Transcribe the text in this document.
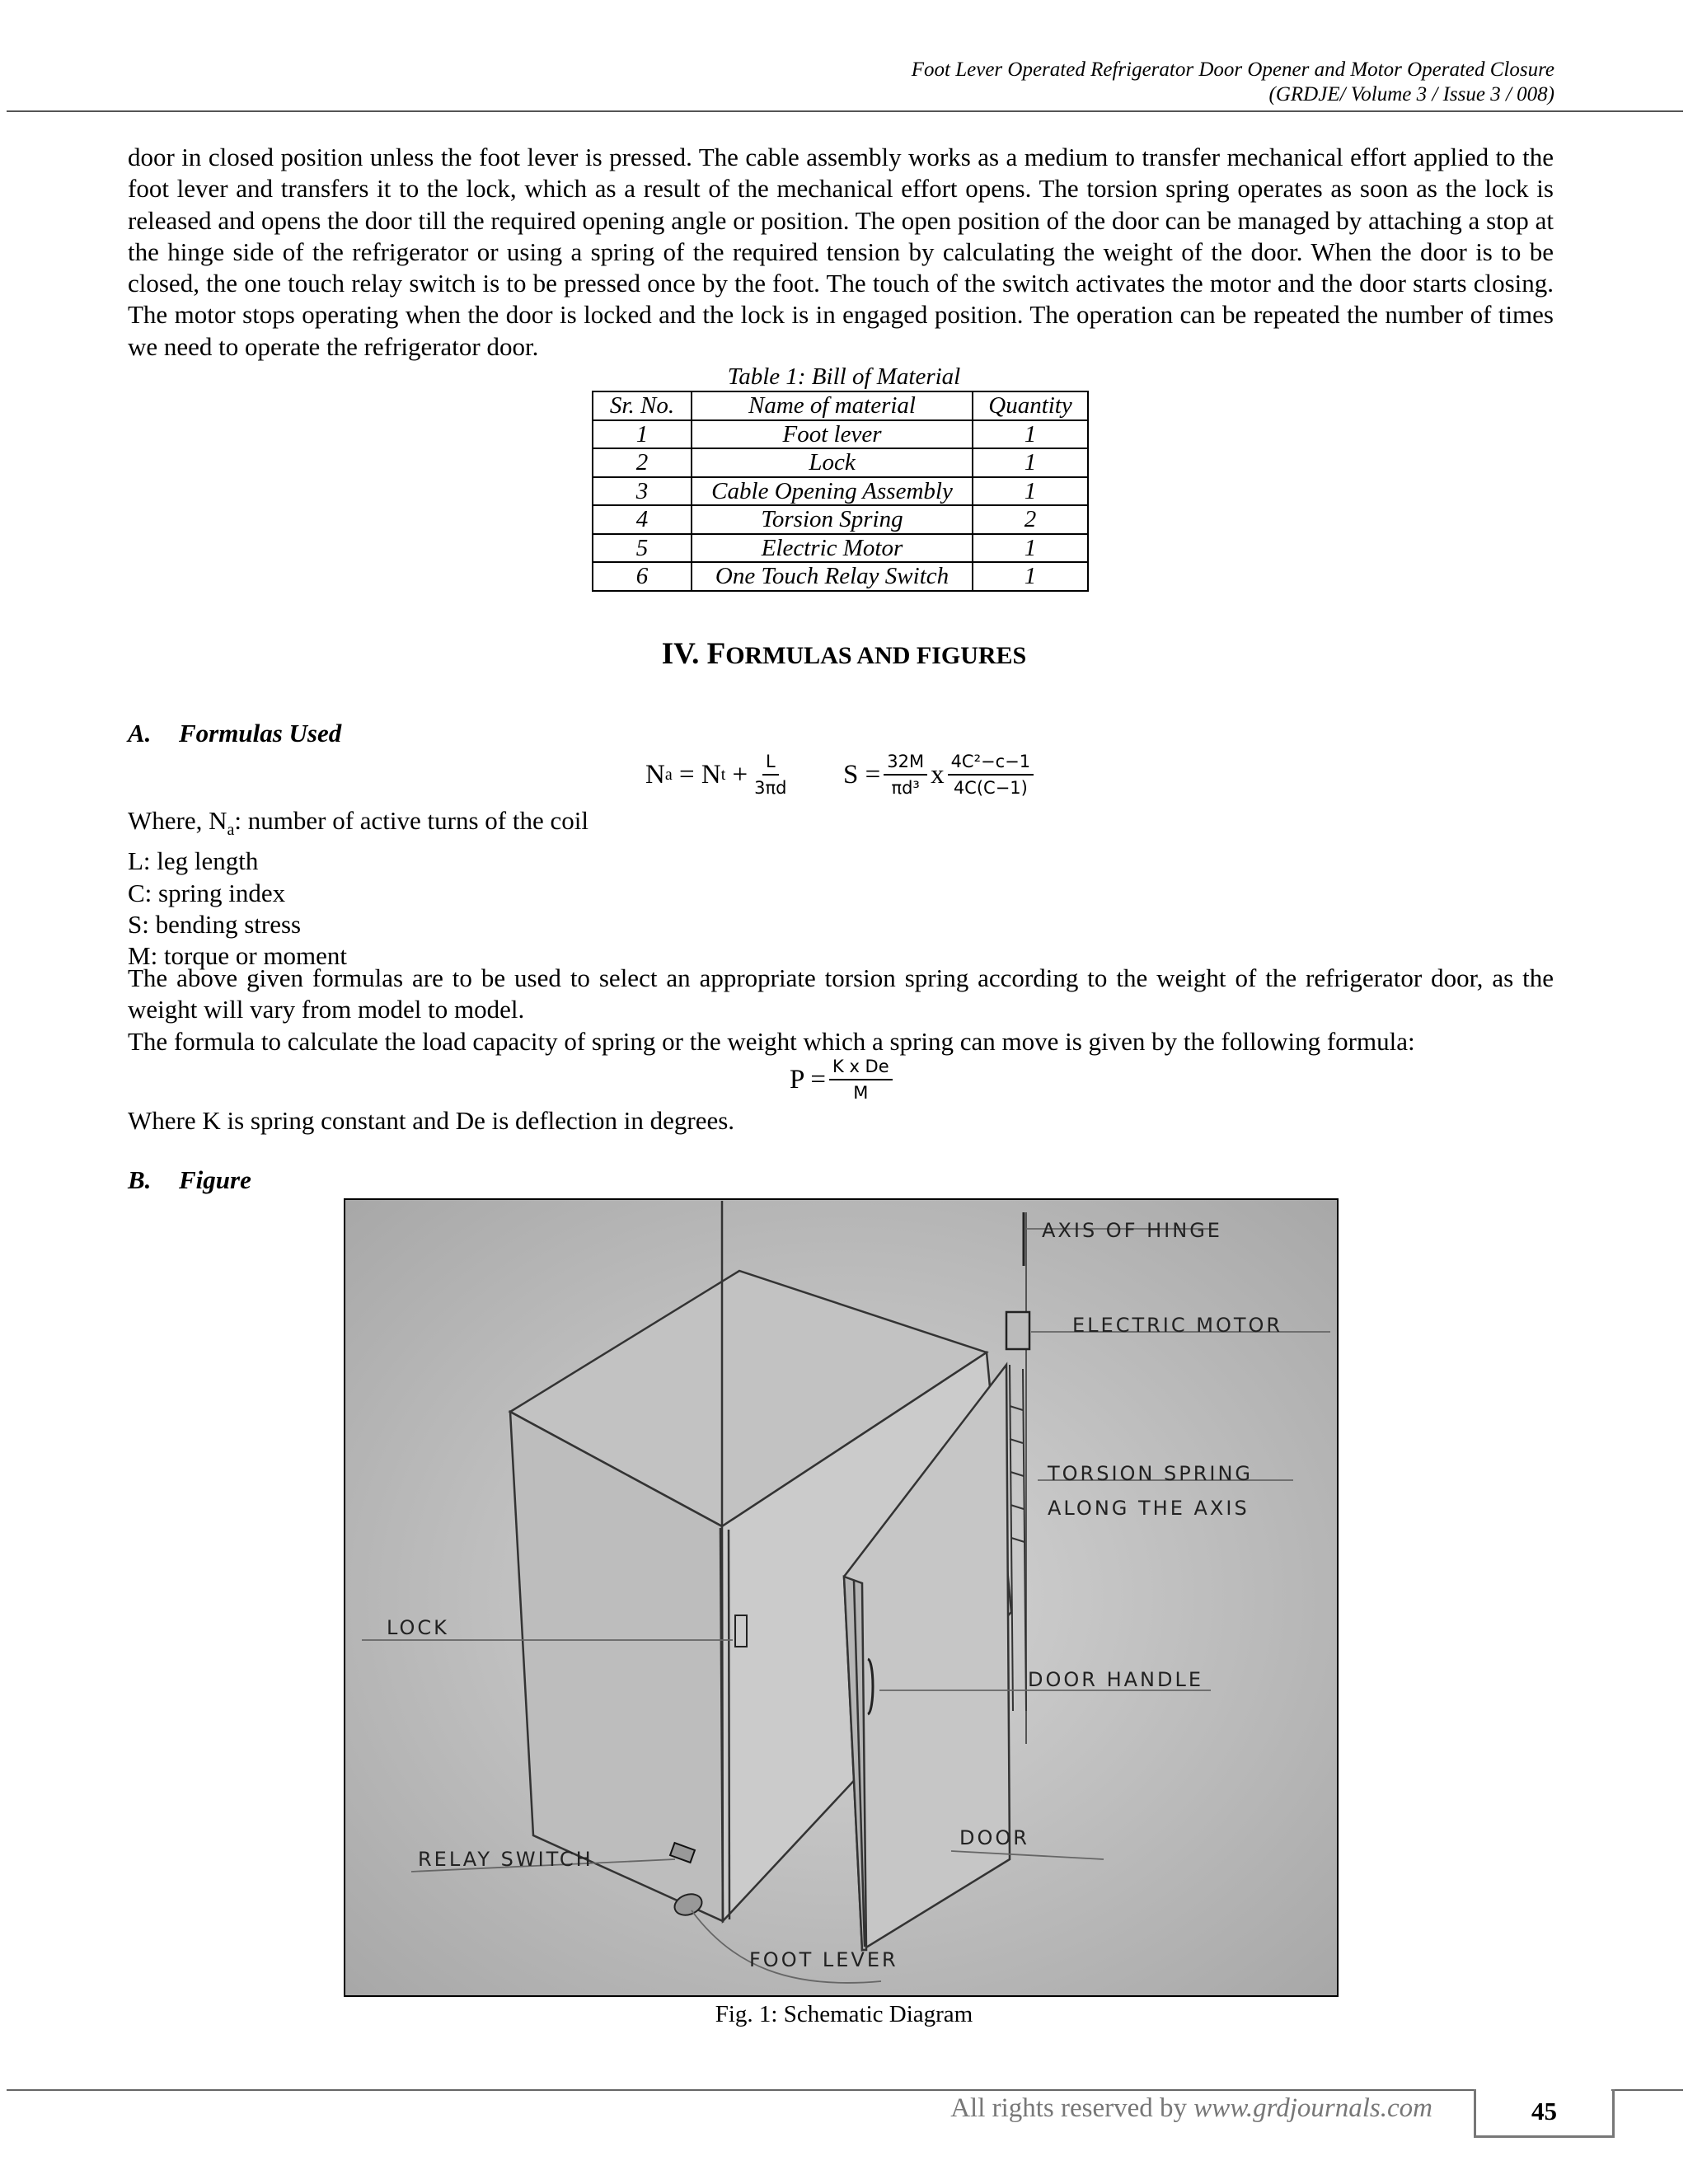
Foot Lever Operated Refrigerator Door Opener and Motor Operated Closure
(GRDJE/ Volume 3 / Issue 3 / 008)
door in closed position unless the foot lever is pressed. The cable assembly works as a medium to transfer mechanical effort applied to the foot lever and transfers it to the lock, which as a result of the mechanical effort opens. The torsion spring operates as soon as the lock is released and opens the door till the required opening angle or position. The open position of the door can be managed by attaching a stop at the hinge side of the refrigerator or using a spring of the required tension by calculating the weight of the door. When the door is to be closed, the one touch relay switch is to be pressed once by the foot. The touch of the switch activates the motor and the door starts closing. The motor stops operating when the door is locked and the lock is in engaged position. The operation can be repeated the number of times we need to operate the refrigerator door.
Table 1: Bill of Material
Sr. No.	Name of material	Quantity
1	Foot lever	1
2	Lock	1
3	Cable Opening Assembly	1
4	Torsion Spring	2
5	Electric Motor	1
6	One Touch Relay Switch	1
IV. FORMULAS AND FIGURES
A. Formulas Used
N a
= N t
+ $\frac{L}{3\pi d}$ $S = \frac{32M}{\text{πd³}}$ x $\frac{\text{4C²−c−1}}{4C(C-1)}$
Where, $N_a$: number of active turns of the coil
L: leg length
C: spring index
S: bending stress
M: torque or moment
The above given formulas are to be used to select an appropriate torsion spring according to the weight of the refrigerator door, as the weight will vary from model to model.
The formula to calculate the load capacity of spring or the weight which a spring can move is given by the following formula:
$P = \frac{\text{K x De}}{M}$
Where K is spring constant and De is deflection in degrees.
B. Figure
AXIS OF HINGE
ELECTRIC MOTOR
TORSION SPRING
ALONG THE AXIS
LOCK
DOOR HANDLE
DOOR
RELAY SWITCH
FOOT LEVER
Fig. 1: Schematic Diagram
45
All rights reserved by www.grdjournals.com
